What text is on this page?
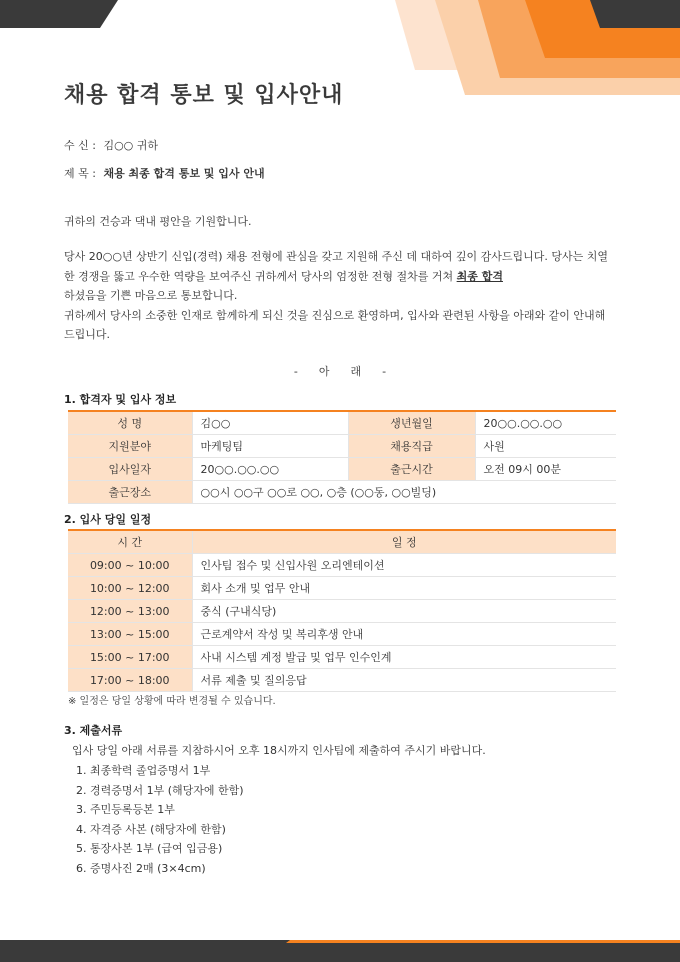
채용 합격 통보 및 입사안내
수 신 : 김○○ 귀하
제 목 : 채용 최종 합격 통보 및 입사 안내
귀하의 건승과 댁내 평안을 기원합니다.

당사 20○○년 상반기 신입(경력) 채용 전형에 관심을 갖고 지원해 주신 데 대하여 깊이 감사드립니다. 당사는 치열한 경쟁을 뚫고 우수한 역량을 보여주신 귀하께서 당사의 엄정한 전형 절차를 거쳐 최종 합격
하셨음을 기쁜 마음으로 통보합니다.

귀하께서 당사의 소중한 인재로 함께하게 되신 것을 진심으로 환영하며, 입사와 관련된 사항을 아래와 같이 안내해 드립니다.

-      아      래      -
1. 합격자 및 입사 정보
성 명	김○○	생년월일	20○○.○○.○○
지원분야	마케팅팀	채용직급	사원
입사일자	20○○.○○.○○	출근시간	오전 09시 00분
출근장소	○○시 ○○구 ○○로 ○○, ○층 (○○동, ○○빌딩)		
2. 입사 당일 일정
시 간	일 정
09:00 ~ 10:00	인사팀 접수 및 신입사원 오리엔테이션
10:00 ~ 12:00	회사 소개 및 업무 안내
12:00 ~ 13:00	중식 (구내식당)
13:00 ~ 15:00	근로계약서 작성 및 복리후생 안내
15:00 ~ 17:00	사내 시스템 계정 발급 및 업무 인수인계
17:00 ~ 18:00	서류 제출 및 질의응답
※ 일정은 당일 상황에 따라 변경될 수 있습니다.
3. 제출서류
입사 당일 아래 서류를 지참하시어 오후 18시까지 인사팀에 제출하여 주시기 바랍니다.
1. 최종학력 졸업증명서 1부
2. 경력증명서 1부 (해당자에 한함)
3. 주민등록등본 1부
4. 자격증 사본 (해당자에 한함)
5. 통장사본 1부 (급여 입금용)
6. 증명사진 2매 (3×4cm)
